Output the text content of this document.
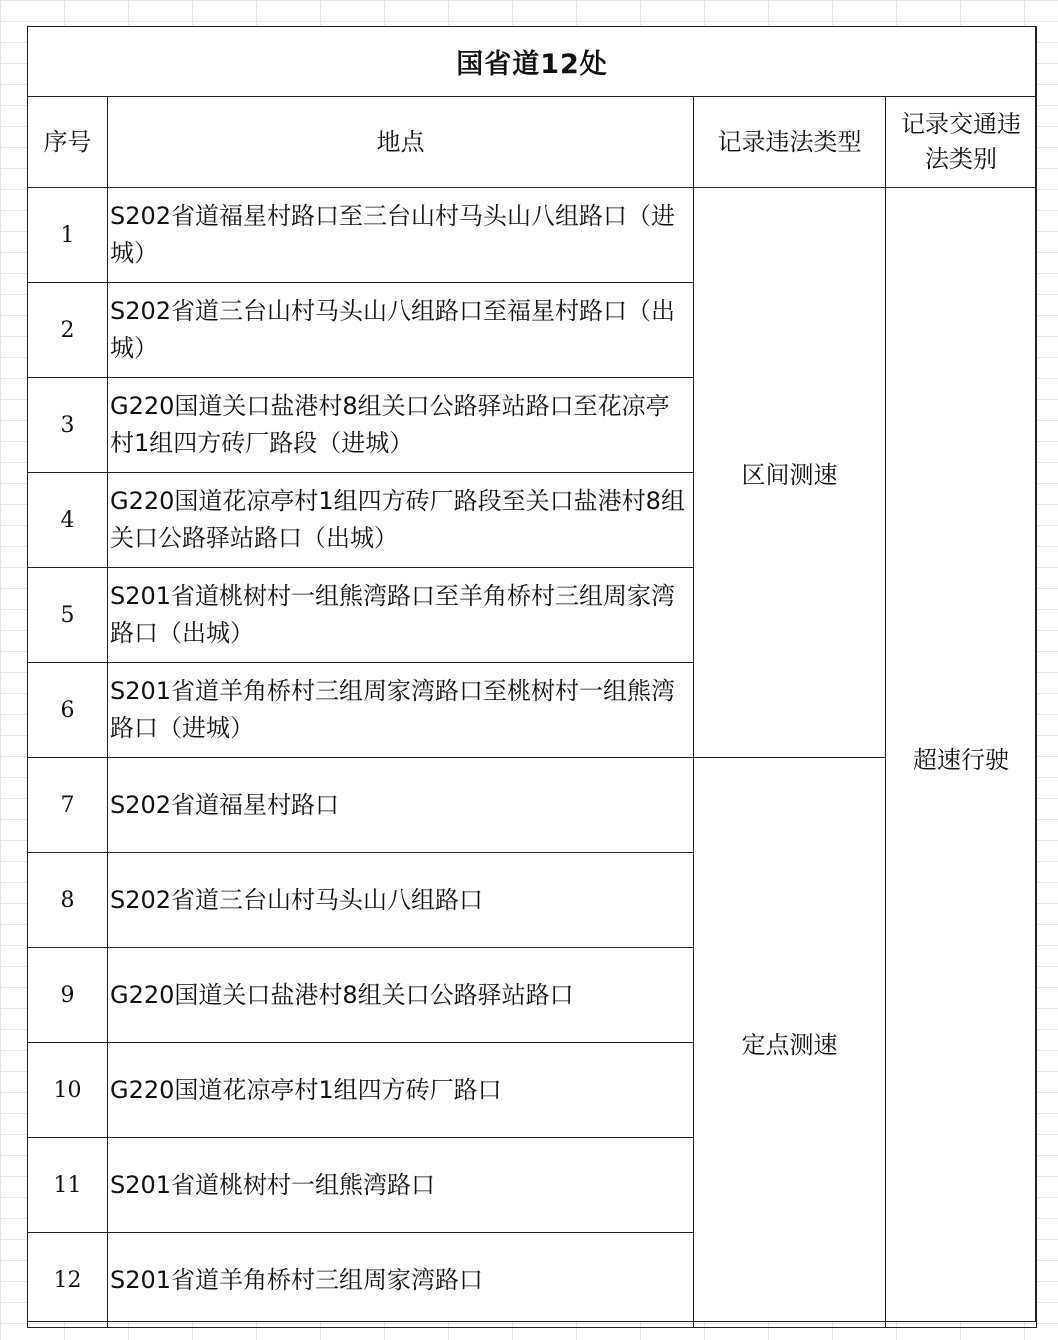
国省道12处			
序号	地点	记录违法类型	记录交通违法类别
1	S202省道福星村路口至三台山村马头山八组路口（进城）	区间测速	超速行驶
2	S202省道三台山村马头山八组路口至福星村路口（出城）		
3	G220国道关口盐港村8组关口公路驿站路口至花凉亭村1组四方砖厂路段（进城）		
4	G220国道花凉亭村1组四方砖厂路段至关口盐港村8组关口公路驿站路口（出城）		
5	S201省道桃树村一组熊湾路口至羊角桥村三组周家湾路口（出城）		
6	S201省道羊角桥村三组周家湾路口至桃树村一组熊湾路口（进城）		
7	S202省道福星村路口	定点测速	
8	S202省道三台山村马头山八组路口		
9	G220国道关口盐港村8组关口公路驿站路口		
10	G220国道花凉亭村1组四方砖厂路口		
11	S201省道桃树村一组熊湾路口		
12	S201省道羊角桥村三组周家湾路口		
